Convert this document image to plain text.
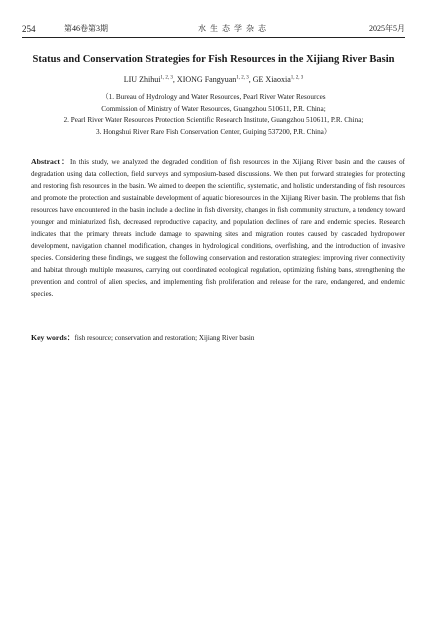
254	第46卷第3期	水生态学杂志	2025年5月
Status and Conservation Strategies for Fish Resources in the Xijiang River Basin
LIU Zhihui$^{1, 2, 3}$, XIONG Fangyuan$^{1, 2, 3}$, GE Xiaoxia$^{1, 2, 3}$
（1. Bureau of Hydrology and Water Resources, Pearl River Water Resources
Commission of Ministry of Water Resources, Guangzhou 510611, P.R. China;
2. Pearl River Water Resources Protection Scientific Research Institute, Guangzhou 510611, P.R. China;
3. Hongshui River Rare Fish Conservation Center, Guiping 537200, P.R. China）
Abstract：In this study, we analyzed the degraded condition of fish resources in the Xijiang River basin and the causes of degradation using data collection, field surveys and symposium-based discussions. We then put forward strategies for protecting and restoring fish resources in the basin. We aimed to deepen the scientific, systematic, and holistic understanding of fish resources and promote the protection and sustainable development of aquatic bioresources in the Xijiang River basin. The problems that fish resources have encountered in the basin include a decline in fish diversity, changes in fish community structure, a tendency toward younger and miniaturized fish, decreased reproductive capacity, and population declines of rare and endemic species. Research indicates that the primary threats include damage to spawning sites and migration routes caused by cascaded hydropower development, navigation channel modification, changes in hydrological conditions, overfishing, and the introduction of invasive species. Considering these findings, we suggest the following conservation and restoration strategies: improving river connectivity and habitat through multiple measures, carrying out coordinated ecological regulation, optimizing fishing bans, strengthening the prevention and control of alien species, and implementing fish proliferation and release for the rare, endangered, and endemic species.
Key words：fish resource; conservation and restoration; Xijiang River basin
